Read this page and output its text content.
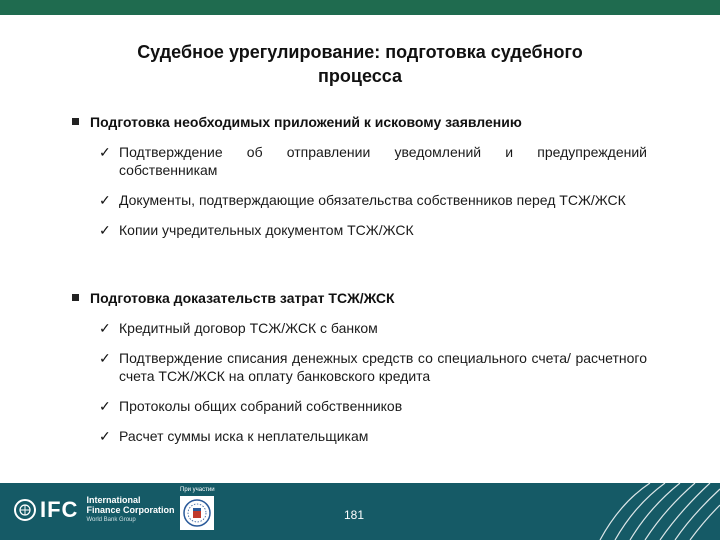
Судебное урегулирование: подготовка судебного
процесса
Подготовка необходимых приложений к исковому заявлению
✓ Подтверждение об отправлении уведомлений и предупреждений собственникам
✓ Документы, подтверждающие обязательства собственников перед ТСЖ/ЖСК
✓ Копии учредительных документом ТСЖ/ЖСК
Подготовка доказательств затрат ТСЖ/ЖСК
✓ Кредитный договор ТСЖ/ЖСК с банком
✓ Подтверждение списания денежных средств со специального счета/ расчетного счета ТСЖ/ЖСК на оплату банковского кредита
✓ Протоколы общих собраний собственников
✓ Расчет суммы иска к неплательщикам
IFC International
Finance Corporation
World Bank Group
При участии
181
